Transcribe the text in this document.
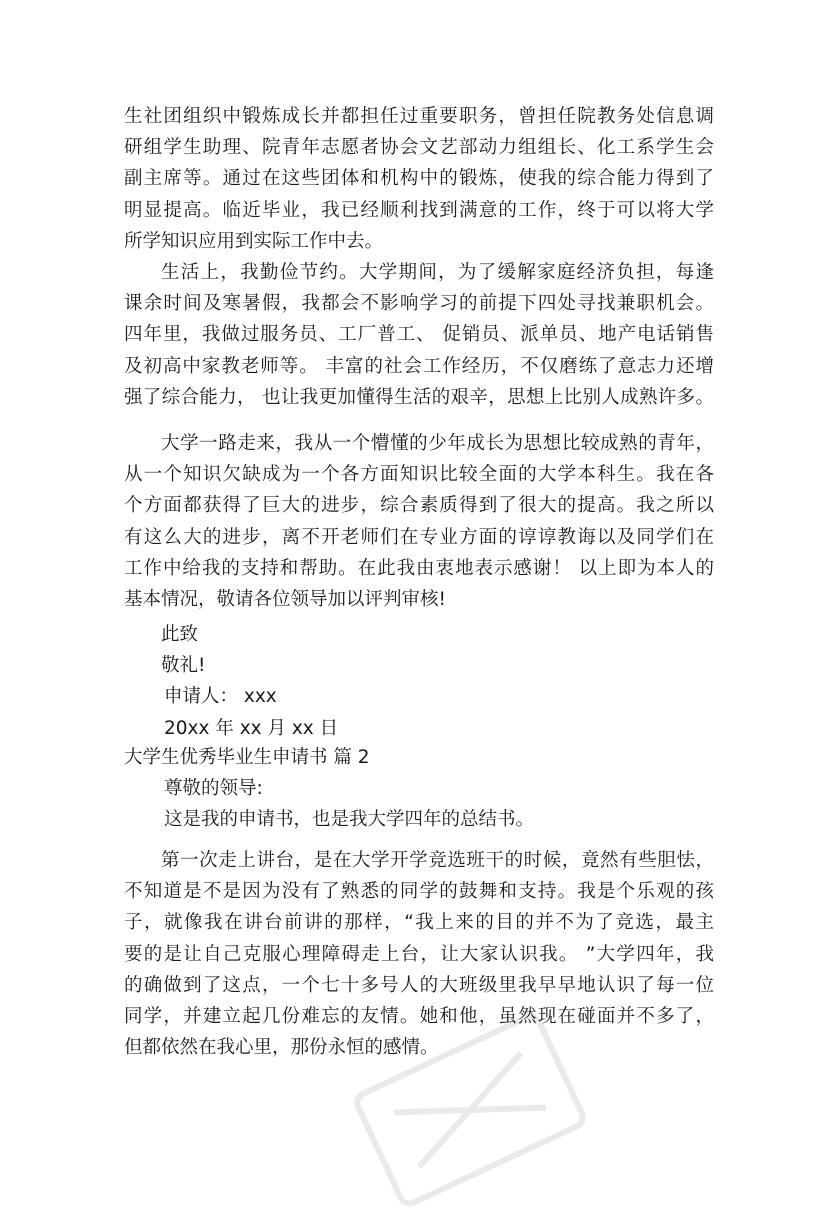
生社团组织中锻炼成长并都担任过重要职务，曾担任院教务处信息调
研组学生助理、院青年志愿者协会文艺部动力组组长、化工系学生会
副主席等。通过在这些团体和机构中的锻炼，使我的综合能力得到了
明显提高。临近毕业，我已经顺利找到满意的工作，终于可以将大学
所学知识应用到实际工作中去。
生活上，我勤俭节约。大学期间，为了缓解家庭经济负担，每逢
课余时间及寒暑假，我都会不影响学习的前提下四处寻找兼职机会。
四年里，我做过服务员、工厂普工、 促销员、派单员、地产电话销售
及初高中家教老师等。 丰富的社会工作经历，不仅磨练了意志力还增
强了综合能力， 也让我更加懂得生活的艰辛，思想上比别人成熟许多。
大学一路走来，我从一个懵懂的少年成长为思想比较成熟的青年，
从一个知识欠缺成为一个各方面知识比较全面的大学本科生。我在各
个方面都获得了巨大的进步，综合素质得到了很大的提高。我之所以
有这么大的进步，离不开老师们在专业方面的谆谆教诲以及同学们在
工作中给我的支持和帮助。在此我由衷地表示感谢！ 以上即为本人的
基本情况，敬请各位领导加以评判审核!
此致
敬礼!
申请人： xxx
20xx 年 xx 月 xx 日
大学生优秀毕业生申请书 篇 2
尊敬的领导:
这是我的申请书，也是我大学四年的总结书。
第一次走上讲台，是在大学开学竞选班干的时候，竟然有些胆怯，
不知道是不是因为没有了熟悉的同学的鼓舞和支持。我是个乐观的孩
子，就像我在讲台前讲的那样，“我上来的目的并不为了竞选，最主
要的是让自己克服心理障碍走上台，让大家认识我。 ”大学四年，我
的确做到了这点，一个七十多号人的大班级里我早早地认识了每一位
同学，并建立起几份难忘的友情。她和他，虽然现在碰面并不多了，
但都依然在我心里，那份永恒的感情。
